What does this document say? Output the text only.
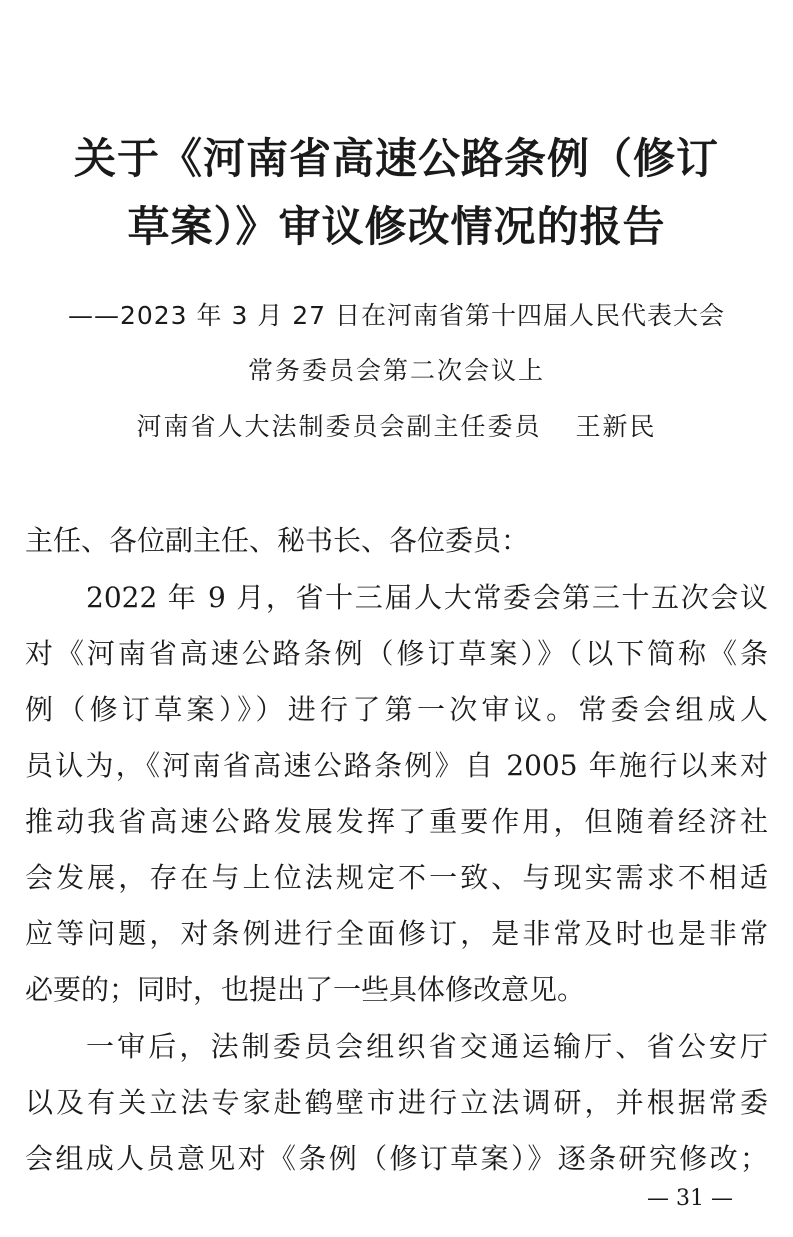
关于《河南省高速公路条例（修订
草案）》审议修改情况的报告
——2023 年 3 月 27 日在河南省第十四届人民代表大会
常务委员会第二次会议上
河南省人大法制委员会副主任委员 王新民
主任、各位副主任、秘书长、各位委员：
2022 年 9 月，省十三届人大常委会第三十五次会议
对《河南省高速公路条例（修订草案）》（以下简称《条
例（修订草案）》）进行了第一次审议。常委会组成人
员认为，《河南省高速公路条例》自 2005 年施行以来对
推动我省高速公路发展发挥了重要作用，但随着经济社
会发展，存在与上位法规定不一致、与现实需求不相适
应等问题，对条例进行全面修订，是非常及时也是非常
必要的；同时，也提出了一些具体修改意见。
一审后，法制委员会组织省交通运输厅、省公安厅
以及有关立法专家赴鹤壁市进行立法调研，并根据常委
会组成人员意见对《条例（修订草案）》逐条研究修改；
— 31 —
